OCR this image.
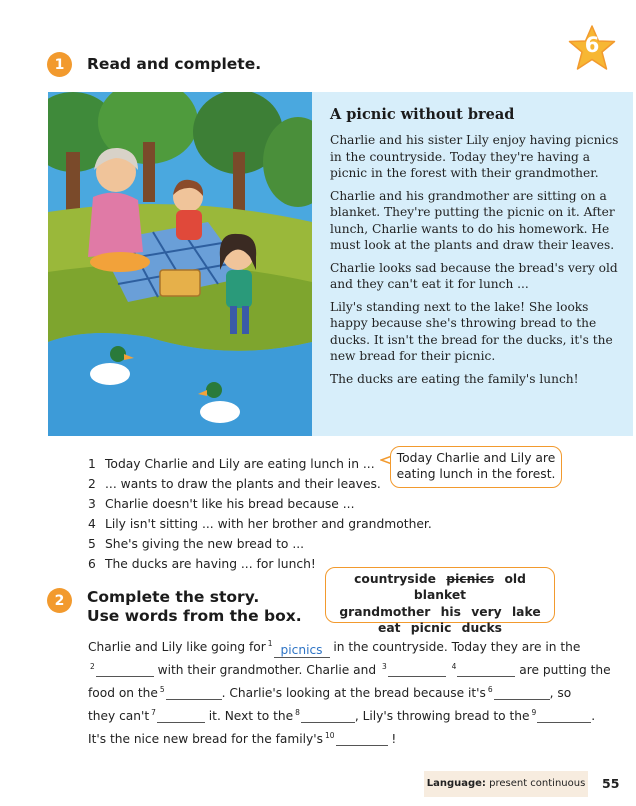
6
1	Read and complete.
A picnic without bread

Charlie and his sister Lily enjoy having picnics in the countryside. Today they're having a picnic in the forest with their grandmother.

Charlie and his grandmother are sitting on a blanket. They're putting the picnic on it. After lunch, Charlie wants to do his homework. He must look at the plants and draw their leaves.

Charlie looks sad because the bread's very old and they can't eat it for lunch ...

Lily's standing next to the lake! She looks happy because she's throwing bread to the ducks. It isn't the bread for the ducks, it's the new bread for their picnic.

The ducks are eating the family's lunch!

1 Today Charlie and Lily are eating lunch in ...
2 ... wants to draw the plants and their leaves.
3 Charlie doesn't like his bread because ...
4 Lily isn't sitting ... with her brother and grandmother.
5 She's giving the new bread to ...
6 The ducks are having ... for lunch!
Today Charlie and Lily are eating lunch in the forest.
2	Complete the story.
Use words from the box.
countryside picnics old blanket
grandmother his very lake
eat picnic ducks
Charlie and Lily like going for $^1$ picnics in the countryside. Today they are in the
$^2$	with their grandmother. Charlie and $^3$	$^4$	are putting the
food on the $^5$	. Charlie's looking at the bread because it's $^6$	, so
they can't $^7$	it. Next to the $^8$	, Lily's throwing bread to the $^9$	.
It's the nice new bread for the family's $^{10}$	!
Language: present continuous 55
